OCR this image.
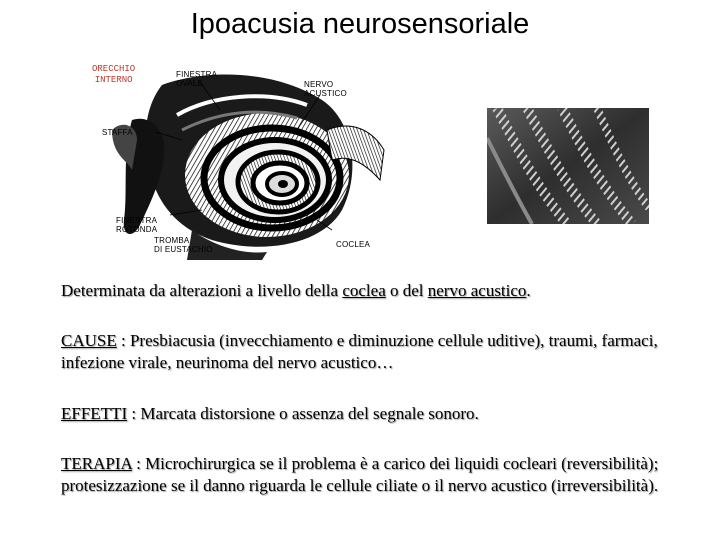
Ipoacusia neurosensoriale
ORECCHIO
INTERNO
FINESTRA
OVALE	NERVO
ACUSTICO
STAFFA
FINESTRA
ROTONDA
TROMBA
DI EUSTACHIO
COCLEA
Determinata da alterazioni a livello della coclea o del nervo acustico.
CAUSE : Presbiacusia (invecchiamento e diminuzione cellule uditive), traumi, farmaci, infezione virale, neurinoma del nervo acustico…
EFFETTI : Marcata distorsione o assenza del segnale sonoro.
TERAPIA : Microchirurgica se il problema è a carico dei liquidi cocleari (reversibilità); protesizzazione se il danno riguarda le cellule ciliate o il nervo acustico (irreversibilità).
